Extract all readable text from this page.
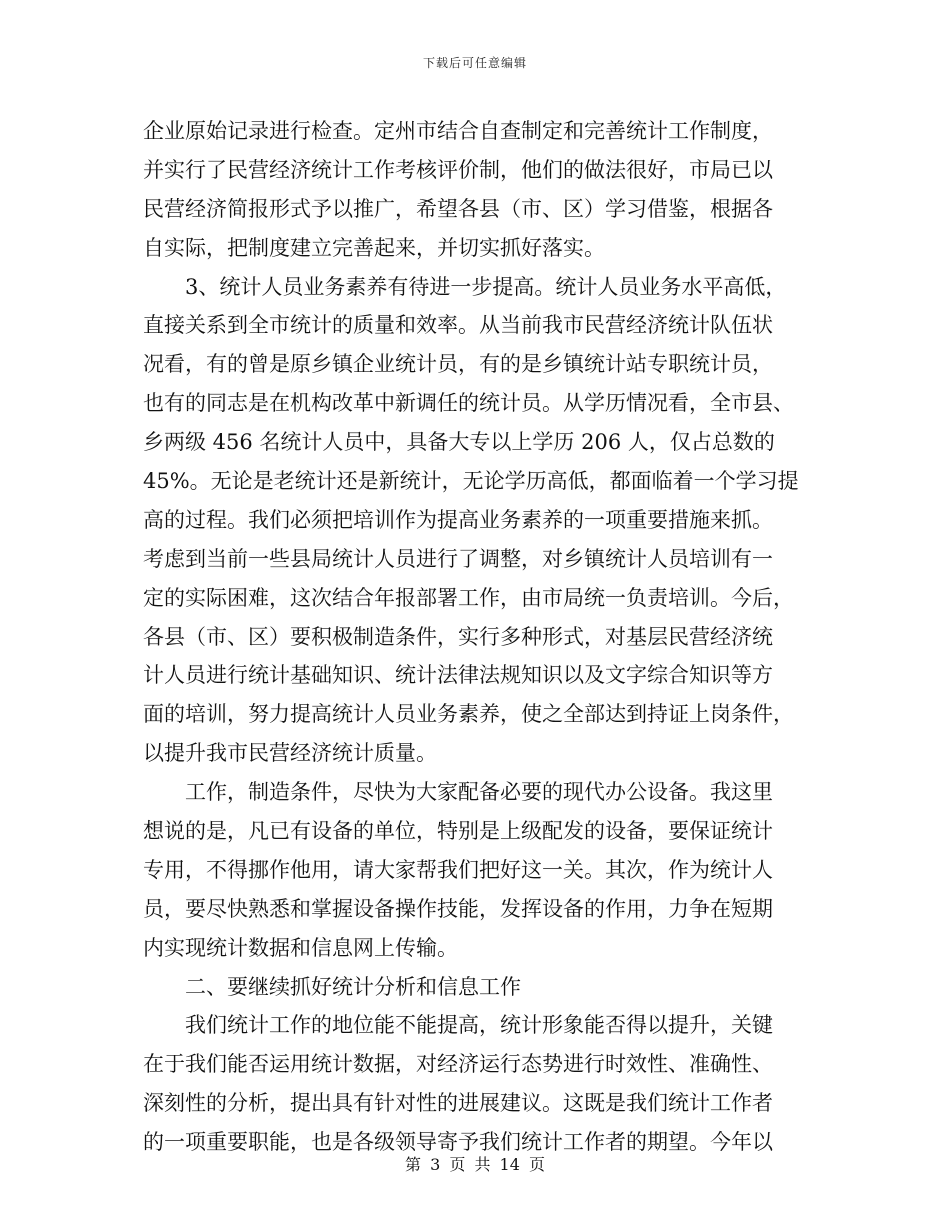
下载后可任意编辑
企业原始记录进行检查。定州市结合自查制定和完善统计工作制度，
并实行了民营经济统计工作考核评价制，他们的做法很好，市局已以
民营经济简报形式予以推广，希望各县（市、区）学习借鉴，根据各
自实际，把制度建立完善起来，并切实抓好落实。
3、统计人员业务素养有待进一步提高。统计人员业务水平高低，
直接关系到全市统计的质量和效率。从当前我市民营经济统计队伍状
况看，有的曾是原乡镇企业统计员，有的是乡镇统计站专职统计员，
也有的同志是在机构改革中新调任的统计员。从学历情况看，全市县、
乡两级 456 名统计人员中，具备大专以上学历 206 人，仅占总数的
45%。无论是老统计还是新统计，无论学历高低，都面临着一个学习提
高的过程。我们必须把培训作为提高业务素养的一项重要措施来抓。
考虑到当前一些县局统计人员进行了调整，对乡镇统计人员培训有一
定的实际困难，这次结合年报部署工作，由市局统一负责培训。今后，
各县（市、区）要积极制造条件，实行多种形式，对基层民营经济统
计人员进行统计基础知识、统计法律法规知识以及文字综合知识等方
面的培训，努力提高统计人员业务素养，使之全部达到持证上岗条件，
以提升我市民营经济统计质量。
工作，制造条件，尽快为大家配备必要的现代办公设备。我这里
想说的是，凡已有设备的单位，特别是上级配发的设备，要保证统计
专用，不得挪作他用，请大家帮我们把好这一关。其次，作为统计人
员，要尽快熟悉和掌握设备操作技能，发挥设备的作用，力争在短期
内实现统计数据和信息网上传输。
二、要继续抓好统计分析和信息工作
我们统计工作的地位能不能提高，统计形象能否得以提升，关键
在于我们能否运用统计数据，对经济运行态势进行时效性、准确性、
深刻性的分析，提出具有针对性的进展建议。这既是我们统计工作者
的一项重要职能，也是各级领导寄予我们统计工作者的期望。今年以
第 3 页 共 14 页
